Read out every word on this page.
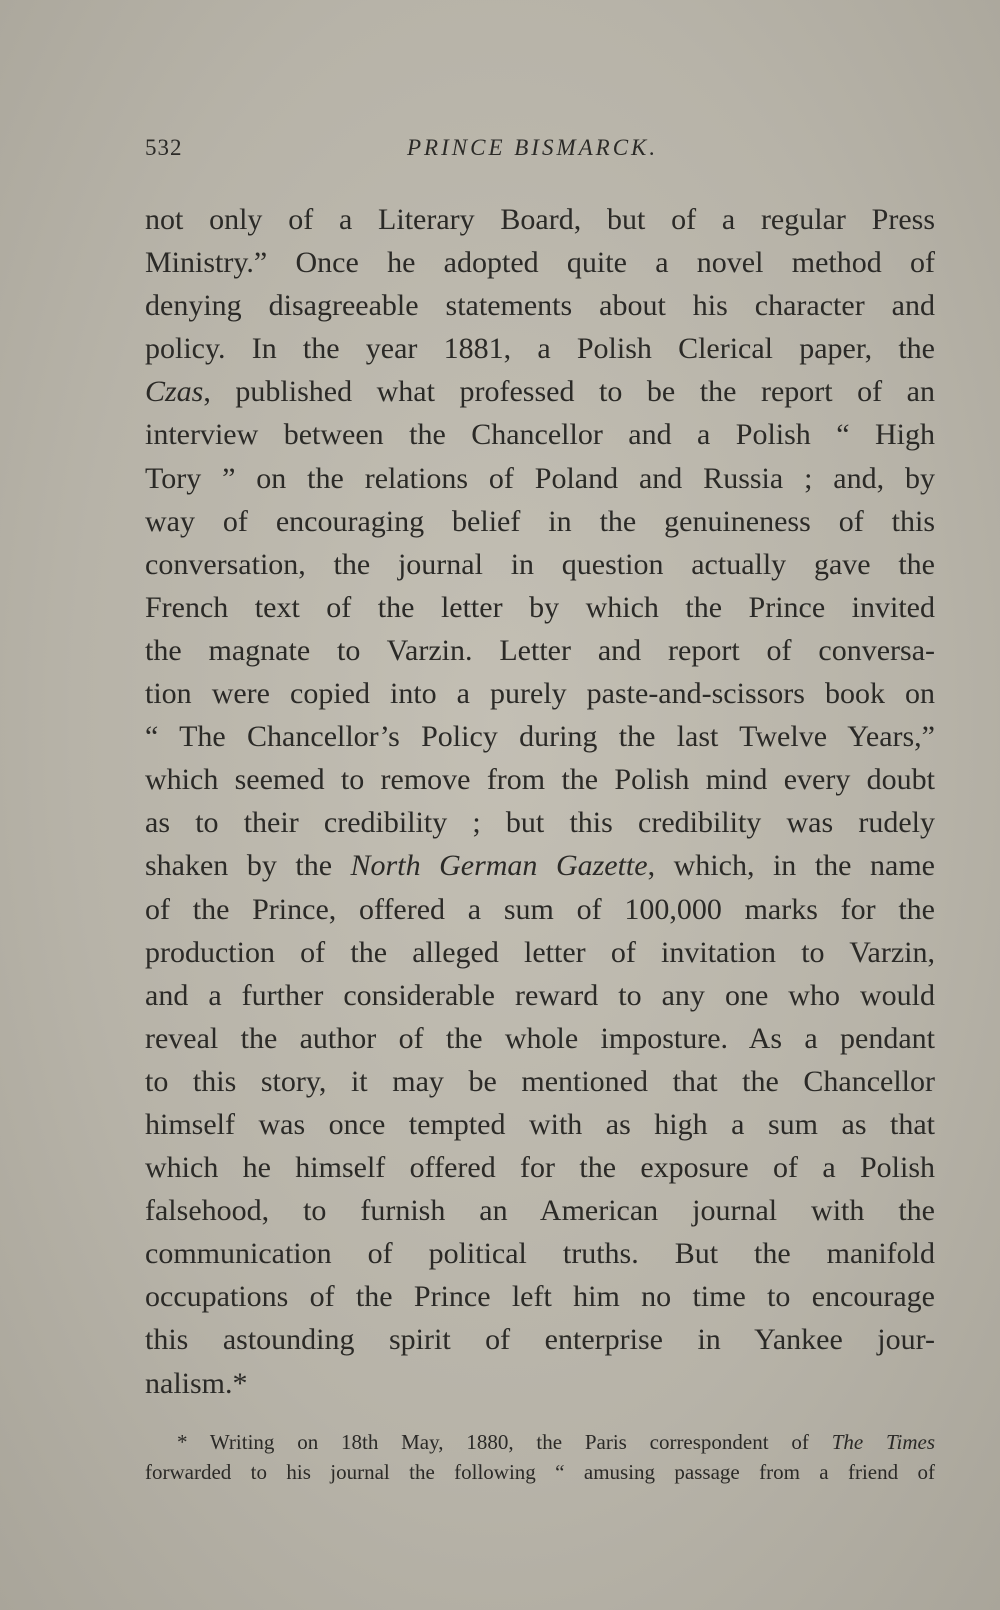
532	PRINCE BISMARCK.
not only of a Literary Board, but of a regular Press
Ministry.” Once he adopted quite a novel method of
denying disagreeable statements about his character and
policy. In the year 1881, a Polish Clerical paper, the
Czas, published what professed to be the report of an
interview between the Chancellor and a Polish “ High
Tory ” on the relations of Poland and Russia ; and, by
way of encouraging belief in the genuineness of this
conversation, the journal in question actually gave the
French text of the letter by which the Prince invited
the magnate to Varzin. Letter and report of conversa-
tion were copied into a purely paste-and-scissors book on
“ The Chancellor’s Policy during the last Twelve Years,”
which seemed to remove from the Polish mind every doubt
as to their credibility ; but this credibility was rudely
shaken by the North German Gazette, which, in the name
of the Prince, offered a sum of 100,000 marks for the
production of the alleged letter of invitation to Varzin,
and a further considerable reward to any one who would
reveal the author of the whole imposture. As a pendant
to this story, it may be mentioned that the Chancellor
himself was once tempted with as high a sum as that
which he himself offered for the exposure of a Polish
falsehood, to furnish an American journal with the
communication of political truths. But the manifold
occupations of the Prince left him no time to encourage
this astounding spirit of enterprise in Yankee jour-
nalism.*
* Writing on 18th May, 1880, the Paris correspondent of The Times
forwarded to his journal the following “ amusing passage from a friend of
